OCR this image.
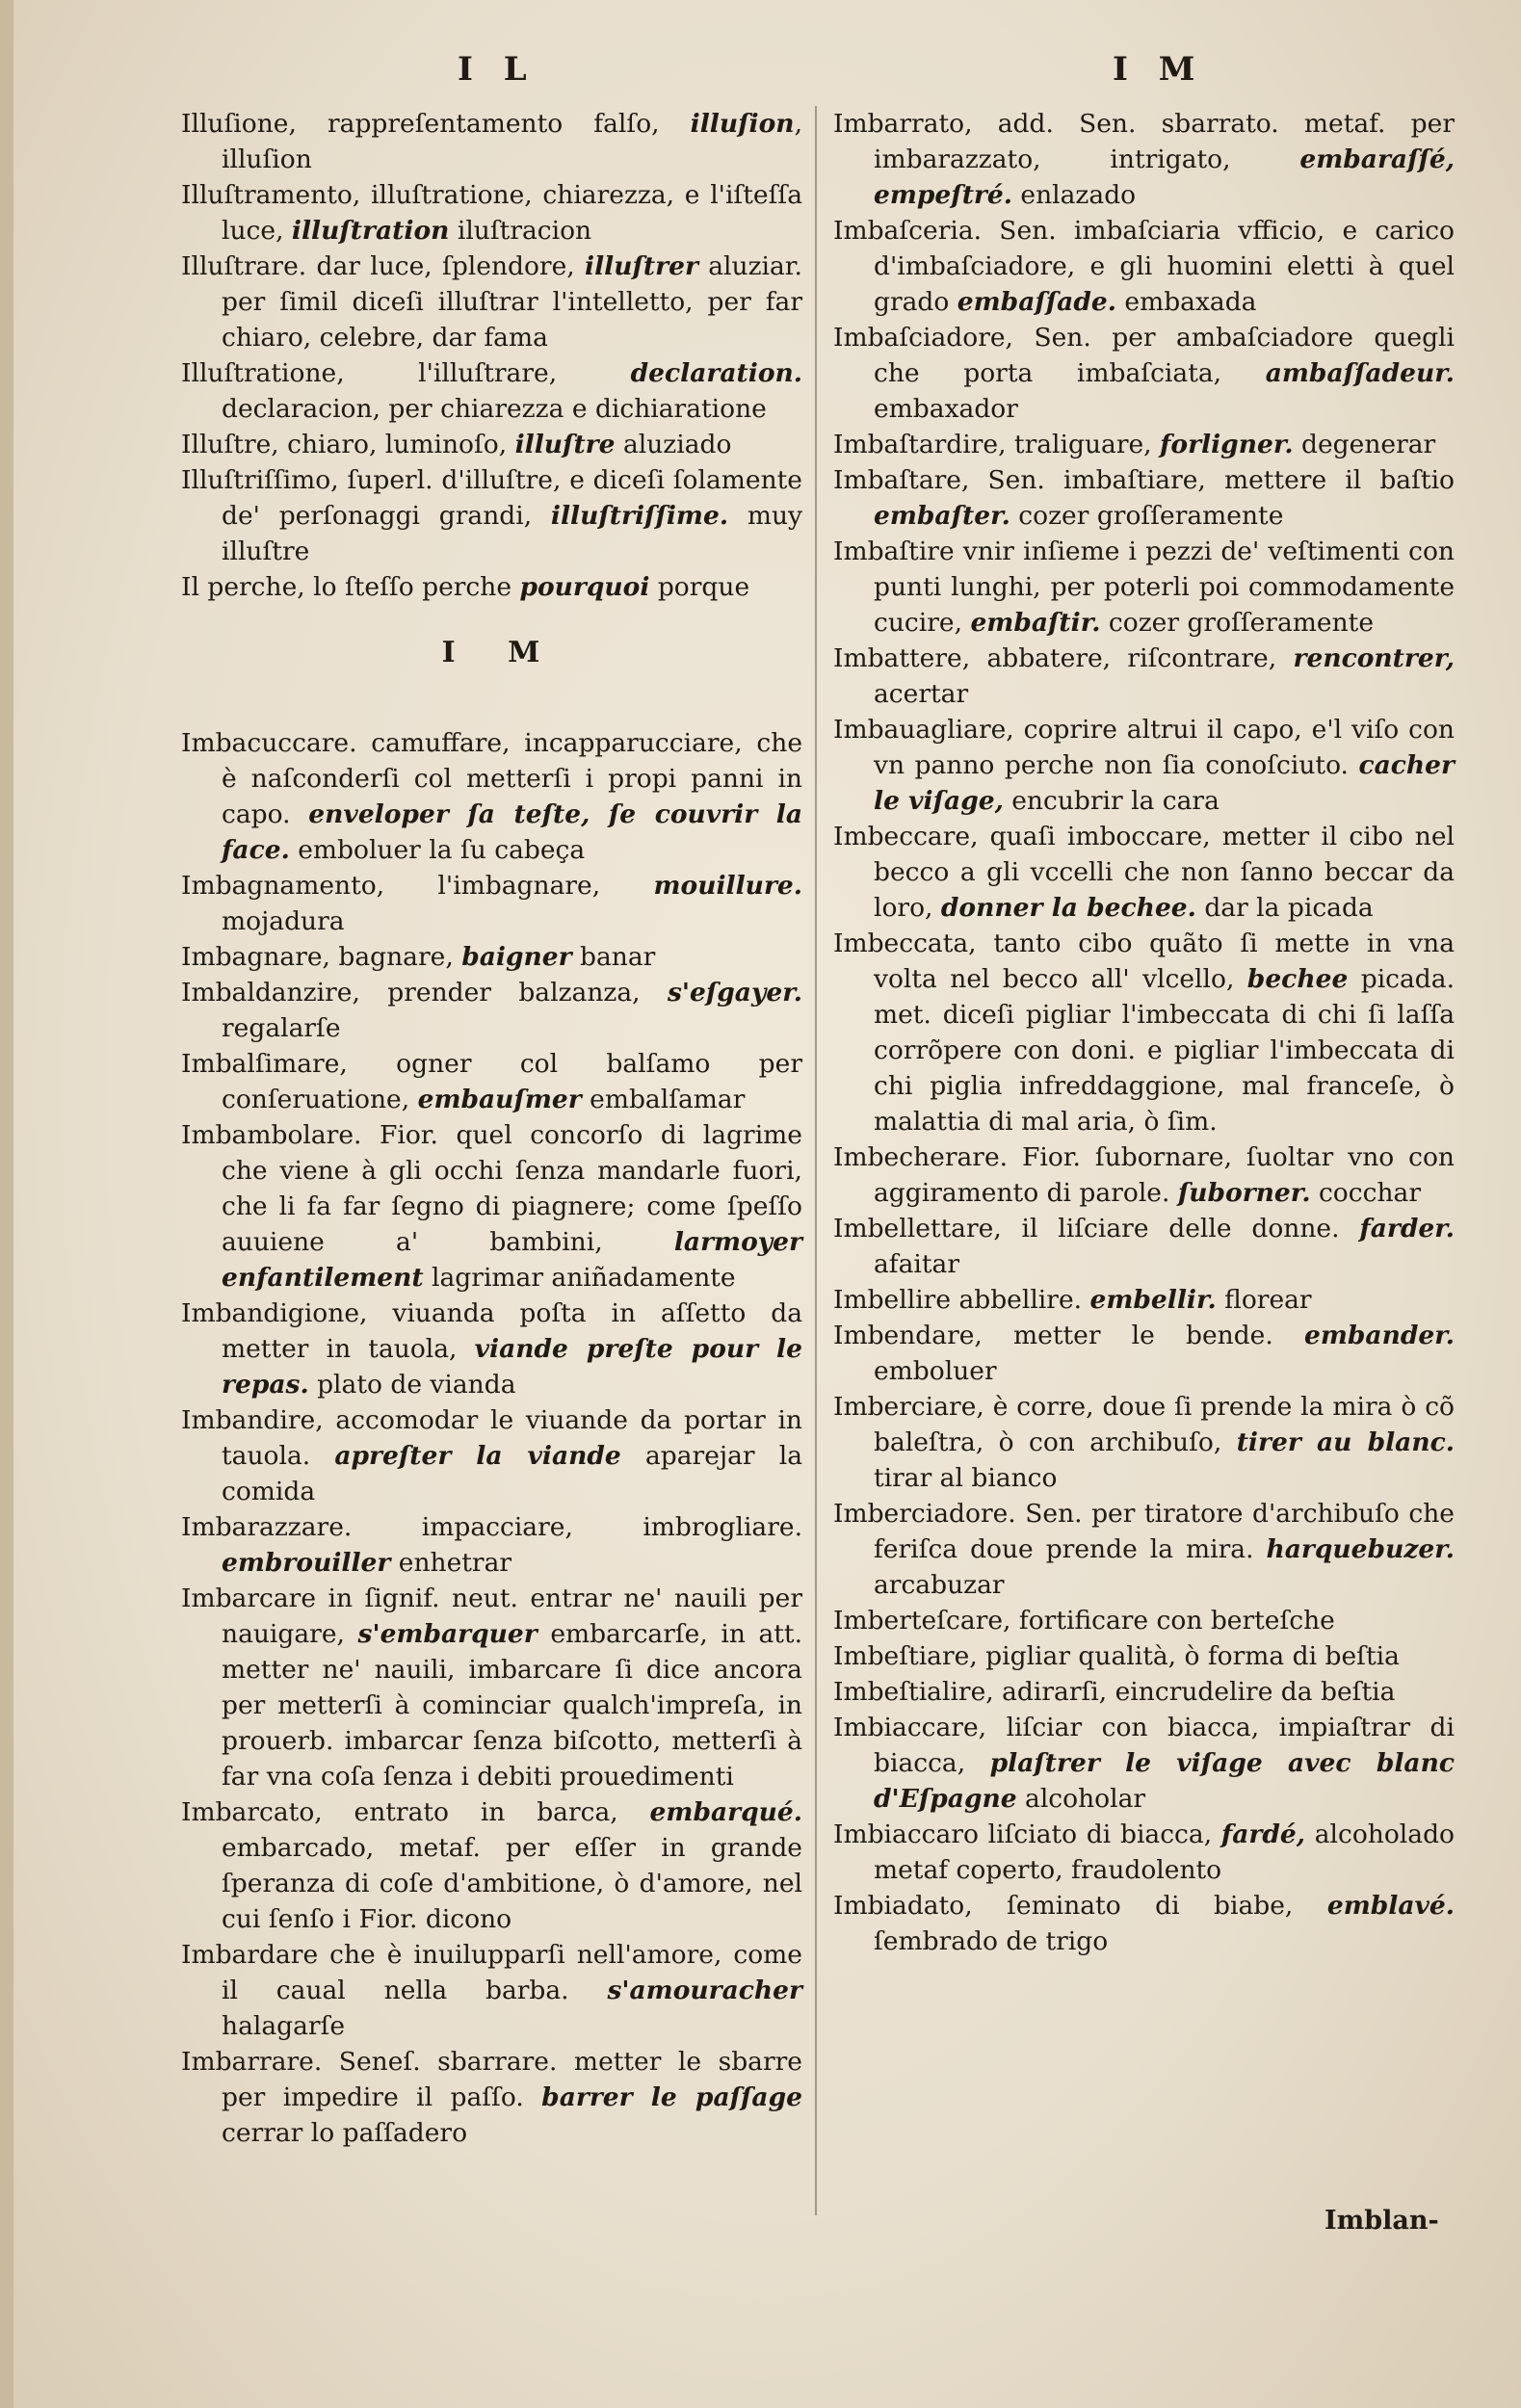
I L	I M

Illuſione, rappreſentamento falſo, illuſion, illuſion

Illuſtramento, illuſtratione, chiarezza, e l'iſteſſa luce, illuſtration iluſtracion

Illuſtrare. dar luce, ſplendore, illuſtrer aluziar. per ſimil diceſi illuſtrar l'intelletto, per far chiaro, celebre, dar fama

Illuſtratione, l'illuſtrare, declaration. declaracion, per chiarezza e dichiaratione

Illuſtre, chiaro, luminoſo, illuſtre aluziado

Illuſtriſſimo, ſuperl. d'illuſtre, e diceſi ſolamente de' perſonaggi grandi, illuſtriſſime. muy illuſtre

Il perche, lo ſteſſo perche pourquoi porque

I M

Imbacuccare. camuffare, incapparucciare, che è naſconderſi col metterſi i propi panni in capo. enveloper ſa teſte, ſe couvrir la face. emboluer la ſu cabeça

Imbagnamento, l'imbagnare, mouillure. mojadura

Imbagnare, bagnare, baigner banar

Imbaldanzire, prender balzanza, s'eſgayer. regalarſe

Imbalſimare, ogner col balſamo per conſeruatione, embauſmer embalſamar

Imbambolare. Fior. quel concorſo di lagrime che viene à gli occhi ſenza mandarle fuori, che li fa far ſegno di piagnere; come ſpeſſo auuiene a' bambini, larmoyer enfantilement lagrimar aniñadamente

Imbandigione, viuanda poſta in aſſetto da metter in tauola, viande preſte pour le repas. plato de vianda

Imbandire, accomodar le viuande da portar in tauola. apreſter la viande aparejar la comida

Imbarazzare. impacciare, imbrogliare. embrouiller enhetrar

Imbarcare in ſignif. neut. entrar ne' nauili per nauigare, s'embarquer embarcarſe, in att. metter ne' nauili, imbarcare ſi dice ancora per metterſi à cominciar qualch'impreſa, in prouerb. imbarcar ſenza biſcotto, metterſi à far vna coſa ſenza i debiti prouedimenti

Imbarcato, entrato in barca, embarqué. embarcado, metaf. per eſſer in grande ſperanza di coſe d'ambitione, ò d'amore, nel cui ſenſo i Fior. dicono

Imbardare che è inuilupparſi nell'amore, come il caual nella barba. s'amouracher halagarſe

Imbarrare. Seneſ. sbarrare. metter le sbarre per impedire il paſſo. barrer le paſſage cerrar lo paſſadero

Imbarrato, add. Sen. sbarrato. metaf. per imbarazzato, intrigato, embaraſſé, empeſtré. enlazado

Imbaſceria. Sen. imbaſciaria vfficio, e carico d'imbaſciadore, e gli huomini eletti à quel grado embaſſade. embaxada

Imbaſciadore, Sen. per ambaſciadore quegli che porta imbaſciata, ambaſſadeur. embaxador

Imbaſtardire, traliguare, forligner. degenerar

Imbaſtare, Sen. imbaſtiare, mettere il baſtio embaſter. cozer groſſeramente

Imbaſtire vnir inſieme i pezzi de' veſtimenti con punti lunghi, per poterli poi commodamente cucire, embaſtir. cozer groſſeramente

Imbattere, abbatere, riſcontrare, rencontrer, acertar

Imbauagliare, coprire altrui il capo, e'l viſo con vn panno perche non ſia conoſciuto. cacher le viſage, encubrir la cara

Imbeccare, quaſi imboccare, metter il cibo nel becco a gli vccelli che non ſanno beccar da loro, donner la bechee. dar la picada

Imbeccata, tanto cibo quãto ſi mette in vna volta nel becco all' vlcello, bechee picada. met. diceſi pigliar l'imbeccata di chi ſi laſſa corrõpere con doni. e pigliar l'imbeccata di chi piglia infreddaggione, mal franceſe, ò malattia di mal aria, ò ſim.

Imbecherare. Fior. ſubornare, ſuoltar vno con aggiramento di parole. ſuborner. cocchar

Imbellettare, il liſciare delle donne. farder. afaitar

Imbellire abbellire. embellir. florear

Imbendare, metter le bende. embander. emboluer

Imberciare, è corre, doue ſi prende la mira ò cõ baleſtra, ò con archibuſo, tirer au blanc. tirar al bianco

Imberciadore. Sen. per tiratore d'archibuſo che feriſca doue prende la mira. harquebuzer. arcabuzar

Imberteſcare, fortificare con berteſche

Imbeſtiare, pigliar qualità, ò forma di beſtia

Imbeſtialire, adirarſi, eincrudelire da beſtia

Imbiaccare, liſciar con biacca, impiaſtrar di biacca, plaſtrer le viſage avec blanc d'Eſpagne alcoholar

Imbiaccaro liſciato di biacca, fardé, alcoholado metaf coperto, fraudolento

Imbiadato, ſeminato di biabe, emblavé. ſembrado de trigo

Imblan-
